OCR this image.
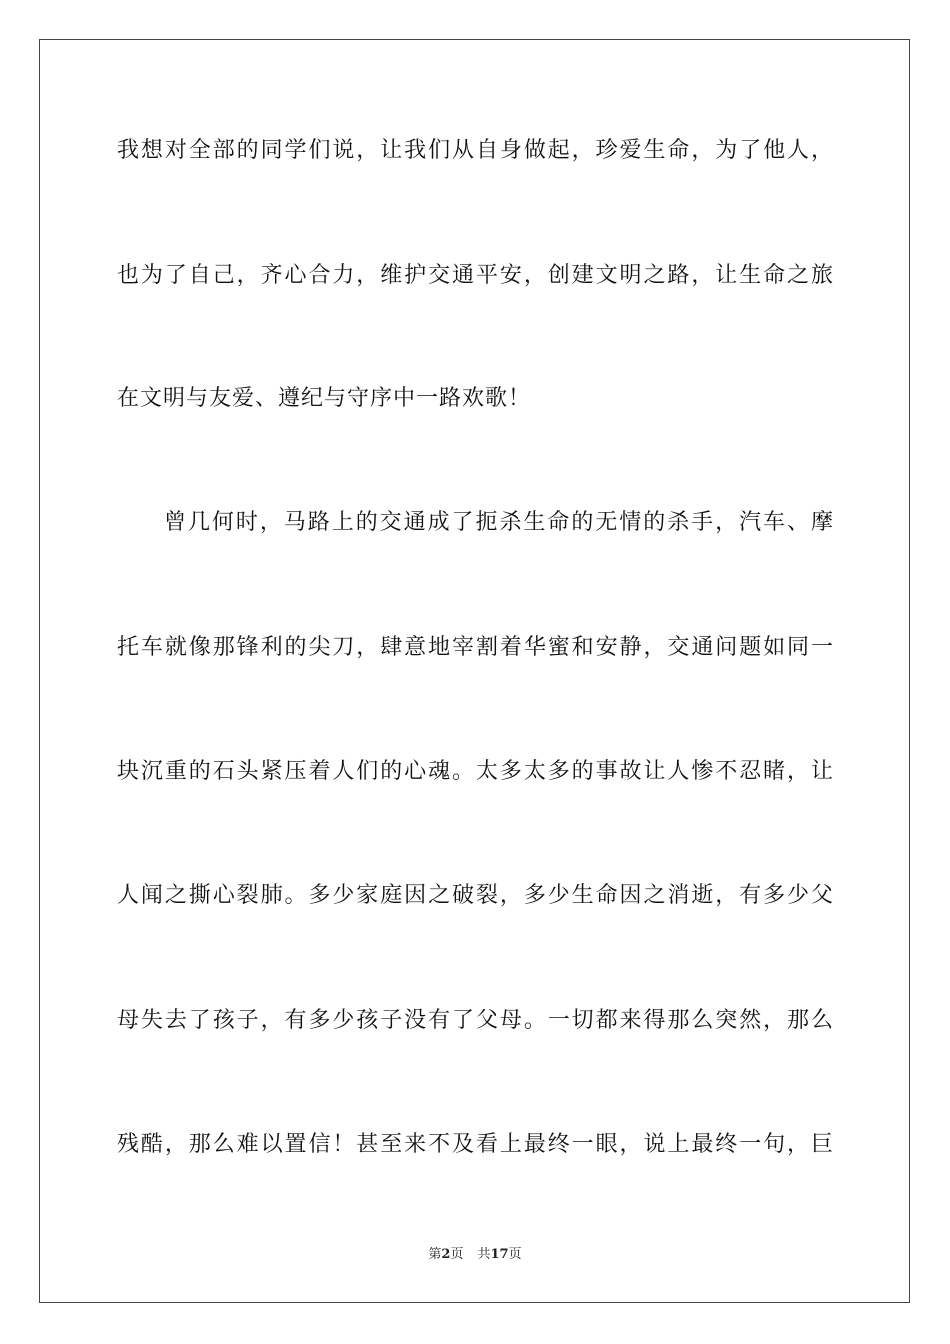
我想对全部的同学们说，让我们从自身做起，珍爱生命，为了他人，
也为了自己，齐心合力，维护交通平安，创建文明之路，让生命之旅
在文明与友爱、遵纪与守序中一路欢歌！
曾几何时，马路上的交通成了扼杀生命的无情的杀手，汽车、摩
托车就像那锋利的尖刀，肆意地宰割着华蜜和安静，交通问题如同一
块沉重的石头紧压着人们的心魂。太多太多的事故让人惨不忍睹，让
人闻之撕心裂肺。多少家庭因之破裂，多少生命因之消逝，有多少父
母失去了孩子，有多少孩子没有了父母。一切都来得那么突然，那么
残酷，那么难以置信！甚至来不及看上最终一眼，说上最终一句，巨
第2页 共17页
